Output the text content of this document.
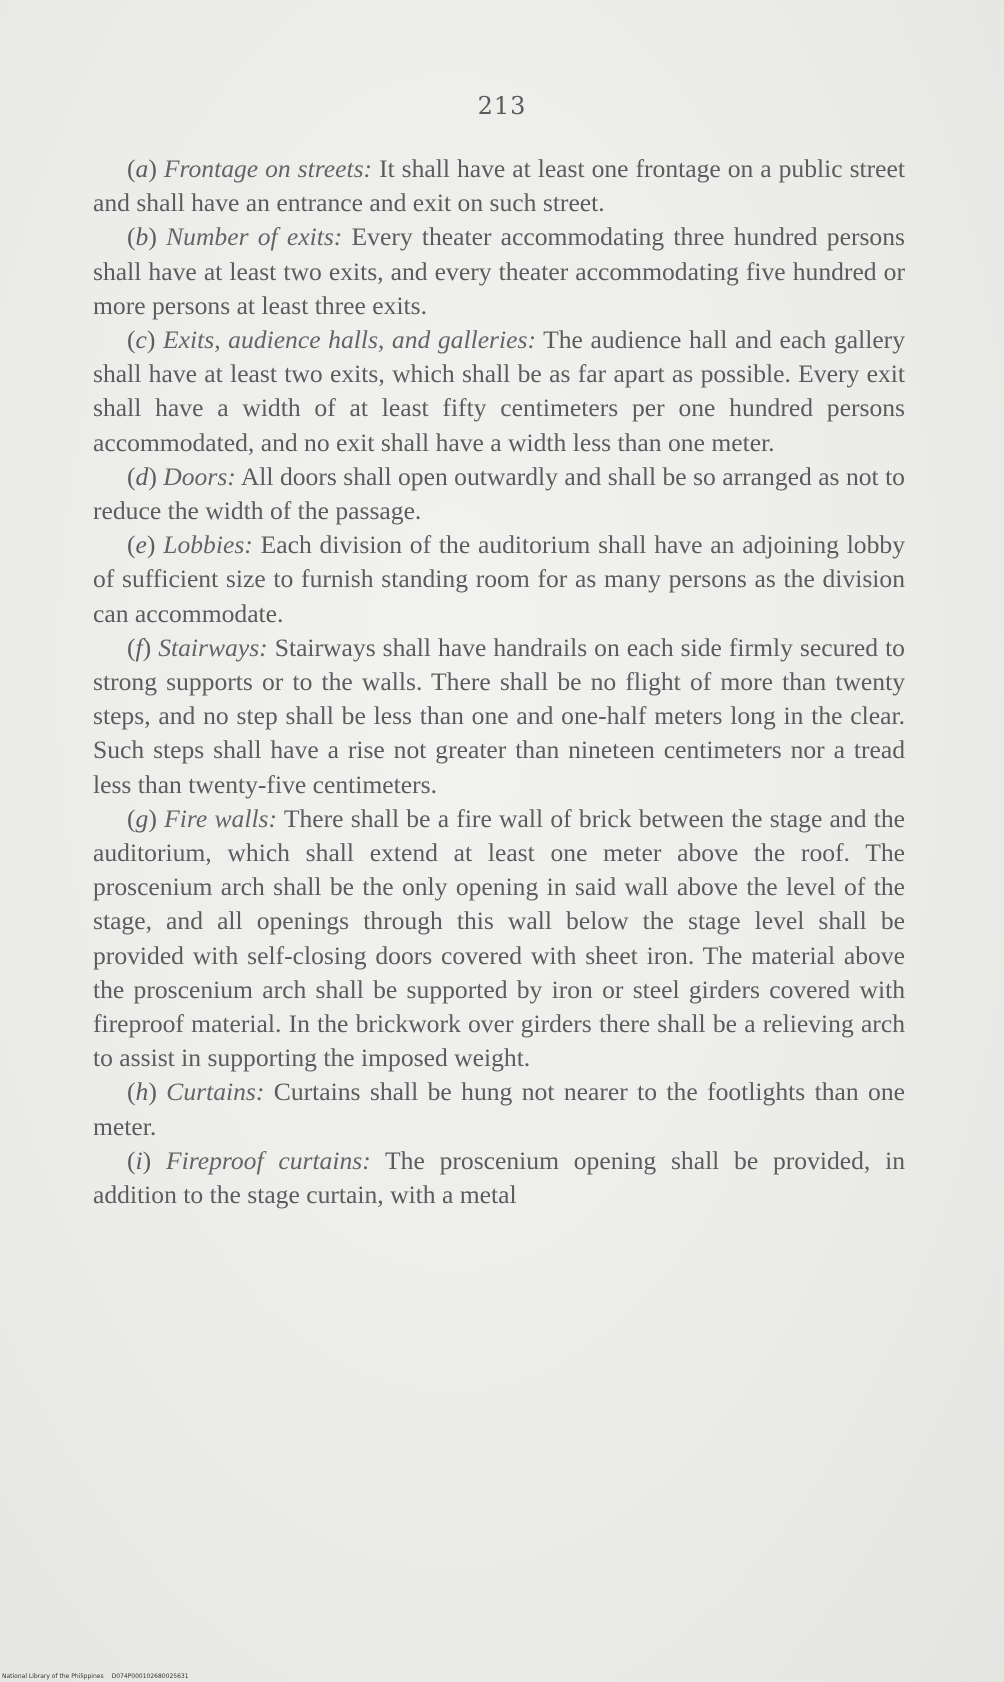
213

(a) Frontage on streets: It shall have at least one frontage on a public street and shall have an entrance and exit on such street.

(b) Number of exits: Every theater accommodating three hundred persons shall have at least two exits, and every theater accommodating five hundred or more persons at least three exits.

(c) Exits, audience halls, and galleries: The audience hall and each gallery shall have at least two exits, which shall be as far apart as possible. Every exit shall have a width of at least fifty centimeters per one hundred persons accommodated, and no exit shall have a width less than one meter.

(d) Doors: All doors shall open outwardly and shall be so arranged as not to reduce the width of the passage.

(e) Lobbies: Each division of the auditorium shall have an adjoining lobby of sufficient size to furnish standing room for as many persons as the division can accommodate.

(f) Stairways: Stairways shall have handrails on each side firmly secured to strong supports or to the walls. There shall be no flight of more than twenty steps, and no step shall be less than one and one-half meters long in the clear. Such steps shall have a rise not greater than nineteen centimeters nor a tread less than twenty-five centimeters.

(g) Fire walls: There shall be a fire wall of brick between the stage and the auditorium, which shall extend at least one meter above the roof. The proscenium arch shall be the only opening in said wall above the level of the stage, and all openings through this wall below the stage level shall be provided with self-closing doors covered with sheet iron. The material above the proscenium arch shall be supported by iron or steel girders covered with fireproof material. In the brickwork over girders there shall be a relieving arch to assist in supporting the imposed weight.

(h) Curtains: Curtains shall be hung not nearer to the footlights than one meter.

(i) Fireproof curtains: The proscenium opening shall be provided, in addition to the stage curtain, with a metal

National Library of the Philippines D074P000102680025631
